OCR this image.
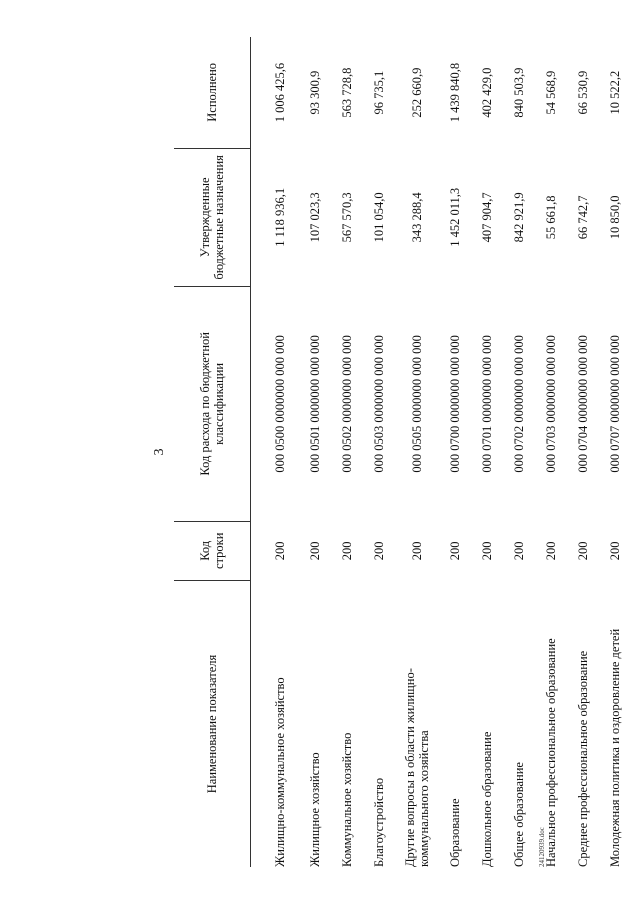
3
Наименование показателя	Код строки	Код расхода по бюджетной классификации	Утвержденные бюджетные назначения	Исполнено
Жилищно-коммунальное хозяйство	200	000 0500 0000000 000 000	1 118 936,1	1 006 425,6
Жилищное хозяйство	200	000 0501 0000000 000 000	107 023,3	93 300,9
Коммунальное хозяйство	200	000 0502 0000000 000 000	567 570,3	563 728,8
Благоустройство	200	000 0503 0000000 000 000	101 054,0	96 735,1
Другие вопросы в области жилищно-коммунального хозяйства	200	000 0505 0000000 000 000	343 288,4	252 660,9
Образование	200	000 0700 0000000 000 000	1 452 011,3	1 439 840,8
Дошкольное образование	200	000 0701 0000000 000 000	407 904,7	402 429,0
Общее образование	200	000 0702 0000000 000 000	842 921,9	840 503,9
Начальное профессиональное образование	200	000 0703 0000000 000 000	55 661,8	54 568,9
Среднее профессиональное образование	200	000 0704 0000000 000 000	66 742,7	66 530,9
Молодежная политика и оздоровление детей	200	000 0707 0000000 000 000	10 850,0	10 522,2
24120939.doc
